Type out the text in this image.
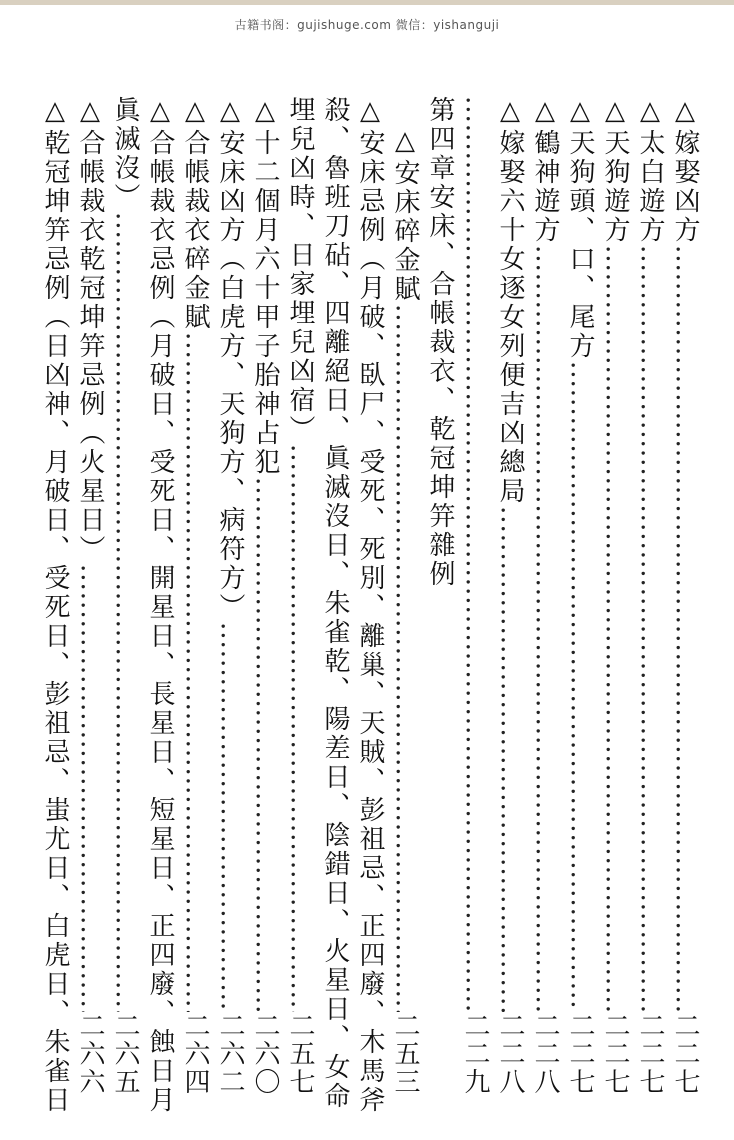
古籍书阁：gujishuge.com 微信：yishanguji
△嫁娶凶方
.....
二二七
△太白遊方
.....
二二七
△天狗遊方
.....
二二七
△天狗頭、口、尾方
.....
二二七
△鶴神遊方
.....
二二八
△嫁娶六十女逐女列便吉凶總局
.....
二二八
.....
二二九
第四章安床、合帳裁衣、乾冠坤笄雜例
△安床碎金賦
.....
二五三
△安床忌例（月破、臥尸、受死、死別、離巢、天賊、彭祖忌、正四廢、木馬斧
殺、魯班刀砧、四離絕日、眞滅沒日、朱雀乾、陽差日、陰錯日、火星日、女命
埋兒凶時、日家埋兒凶宿）
.....
二五七
△十二個月六十甲子胎神占犯
.....
二六〇
△安床凶方（白虎方、天狗方、病符方）
.....
二六二
△合帳裁衣碎金賦
.....
二六四
△合帳裁衣忌例（月破日、受死日、開星日、長星日、短星日、正四廢、蝕日月
眞滅沒）
.....
二六五
△合帳裁衣乾冠坤笄忌例（火星日）
.....
二六六
△乾冠坤笄忌例（日凶神、月破日、受死日、彭祖忌、蚩尤日、白虎日、朱雀日
